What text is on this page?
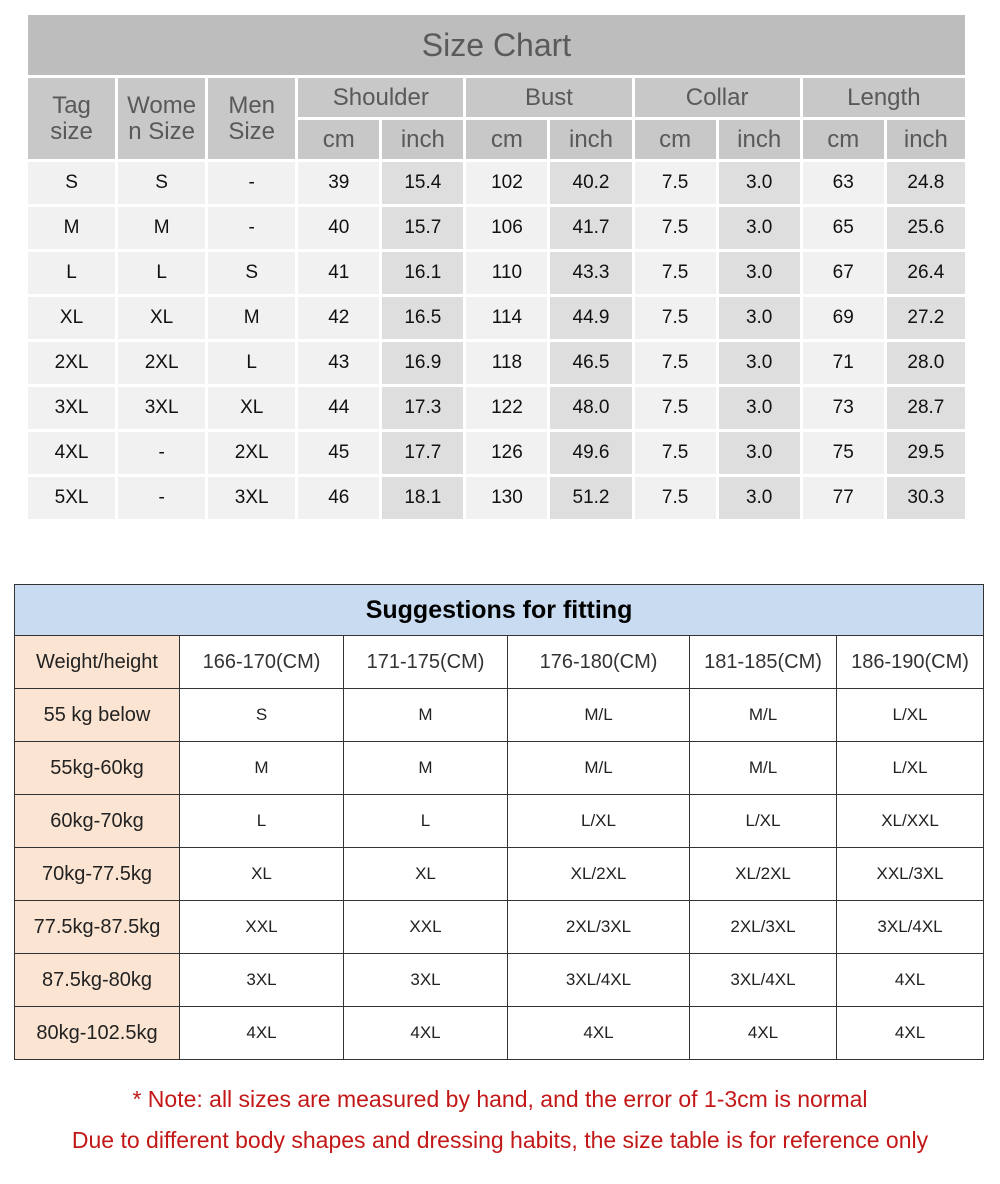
Size Chart										
Tag size	Wome n Size	Men Size	Shoulder		Bust		Collar		Length	
			cm	inch	cm	inch	cm	inch	cm	inch
S	S	-	39	15.4	102	40.2	7.5	3.0	63	24.8
M	M	-	40	15.7	106	41.7	7.5	3.0	65	25.6
L	L	S	41	16.1	110	43.3	7.5	3.0	67	26.4
XL	XL	M	42	16.5	114	44.9	7.5	3.0	69	27.2
2XL	2XL	L	43	16.9	118	46.5	7.5	3.0	71	28.0
3XL	3XL	XL	44	17.3	122	48.0	7.5	3.0	73	28.7
4XL	-	2XL	45	17.7	126	49.6	7.5	3.0	75	29.5
5XL	-	3XL	46	18.1	130	51.2	7.5	3.0	77	30.3
Suggestions for fitting					
Weight/height	166-170(CM)	171-175(CM)	176-180(CM)	181-185(CM)	186-190(CM)
55 kg below	S	M	M/L	M/L	L/XL
55kg-60kg	M	M	M/L	M/L	L/XL
60kg-70kg	L	L	L/XL	L/XL	XL/XXL
70kg-77.5kg	XL	XL	XL/2XL	XL/2XL	XXL/3XL
77.5kg-87.5kg	XXL	XXL	2XL/3XL	2XL/3XL	3XL/4XL
87.5kg-80kg	3XL	3XL	3XL/4XL	3XL/4XL	4XL
80kg-102.5kg	4XL	4XL	4XL	4XL	4XL
* Note: all sizes are measured by hand, and the error of 1-3cm is normal
Due to different body shapes and dressing habits, the size table is for reference only
